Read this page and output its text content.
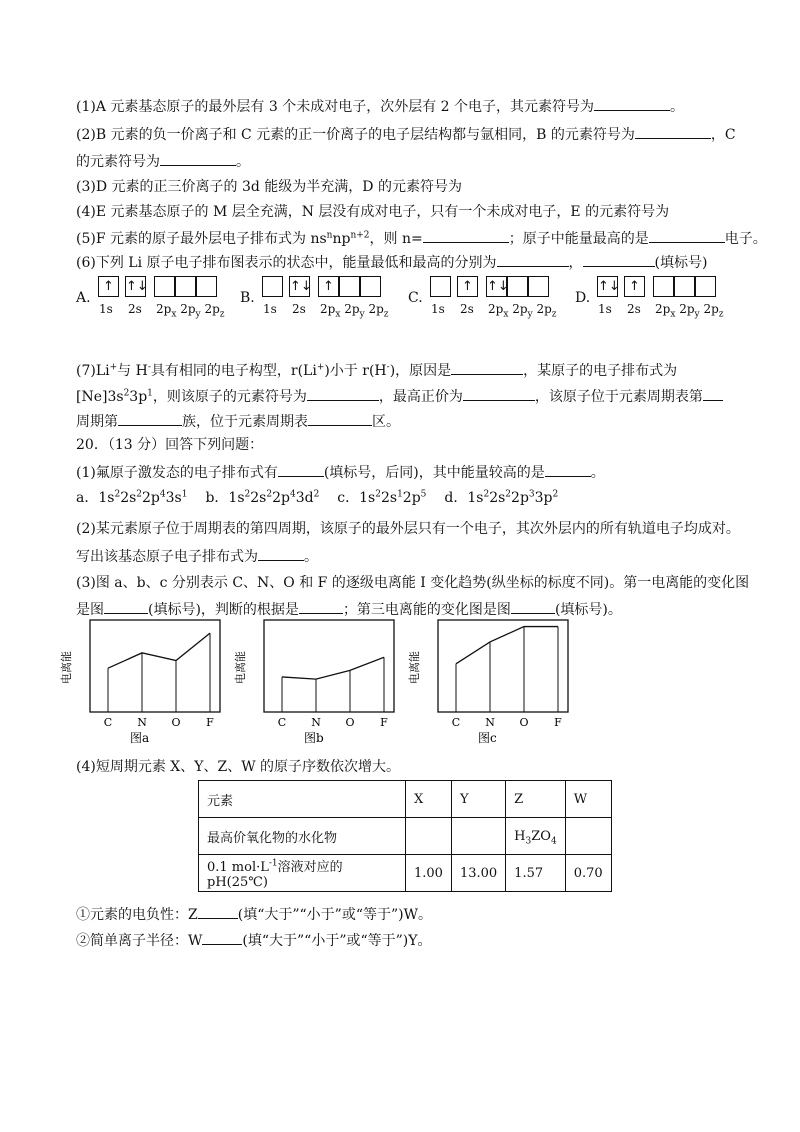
(1)A 元素基态原子的最外层有 3 个未成对电子，次外层有 2 个电子，其元素符号为	。
(2)B 元素的负一价离子和 C 元素的正一价离子的电子层结构都与氩相同，B 的元素符号为	，C
的元素符号为	。
(3)D 元素的正三价离子的 3d 能级为半充满，D 的元素符号为
(4)E 元素基态原子的 M 层全充满，N 层没有成对电子，只有一个未成对电子，E 的元素符号为
(5)F 元素的原子最外层电子排布式为 $ns^nnp^{n+2}$，则 n=	；原子中能量最高的是	电子。
(6)下列 Li 原子电子排布图表示的状态中，能量最低和最高的分别为	，	(填标号)
A.
↑ ↑↓
1s 2s $2p_x$ $2p_y$ $2p_z$
B.
↑↓ ↑
1s 2s $2p_x$ $2p_y$ $2p_z$
C.
↑	↑↓
1s 2s $2p_x$ $2p_y$ $2p_z$
D.
↑↓ ↑
1s 2s $2p_x$ $2p_y$ $2p_z$
(7)Li+与 H-具有相同的电子构型，r(Li+)小于 r(H-)，原因是	，某原子的电子排布式为
$[Ne]3s^23p^1$，则该原子的元素符号为	，最高正价为	，该原子位于元素周期表第
周期第	族，位于元素周期表	区。
20．（13 分）回答下列问题：
(1)氟原子激发态的电子排布式有	(填标号，后同)，其中能量较高的是	。
a．$1s^22s^22p^43s^1$ b．$1s^22s^22p^43d^2$ c．$1s^22s^12p^5$ d．$1s^22s^22p^33p^2$
(2)某元素原子位于周期表的第四周期，该原子的最外层只有一个电子，其次外层内的所有轨道电子均成对。
写出该基态原子电子排布式为	。
(3)图 a、b、c 分别表示 C、N、O 和 F 的逐级电离能 I 变化趋势(纵坐标的标度不同)。第一电离能的变化图
是图	(填标号)，判断的根据是	；第三电离能的变化图是图	(填标号)。
C N O F
电离能
图a
C N O F
电离能
图b
C N O F
电离能
图c
(4)短周期元素 X、Y、Z、W 的原子序数依次增大。
元素	X	Y	Z	W
最高价氧化物的水化物			$H_3ZO_4$	
0.1 $mol\cdot L^{-1}$溶液对应的pH(25℃)	1.00	13.00	1.57	0.70
①元素的电负性：Z	(填“大于”“小于”或“等于”)W。
②简单离子半径：W	(填“大于”“小于”或“等于”)Y。
